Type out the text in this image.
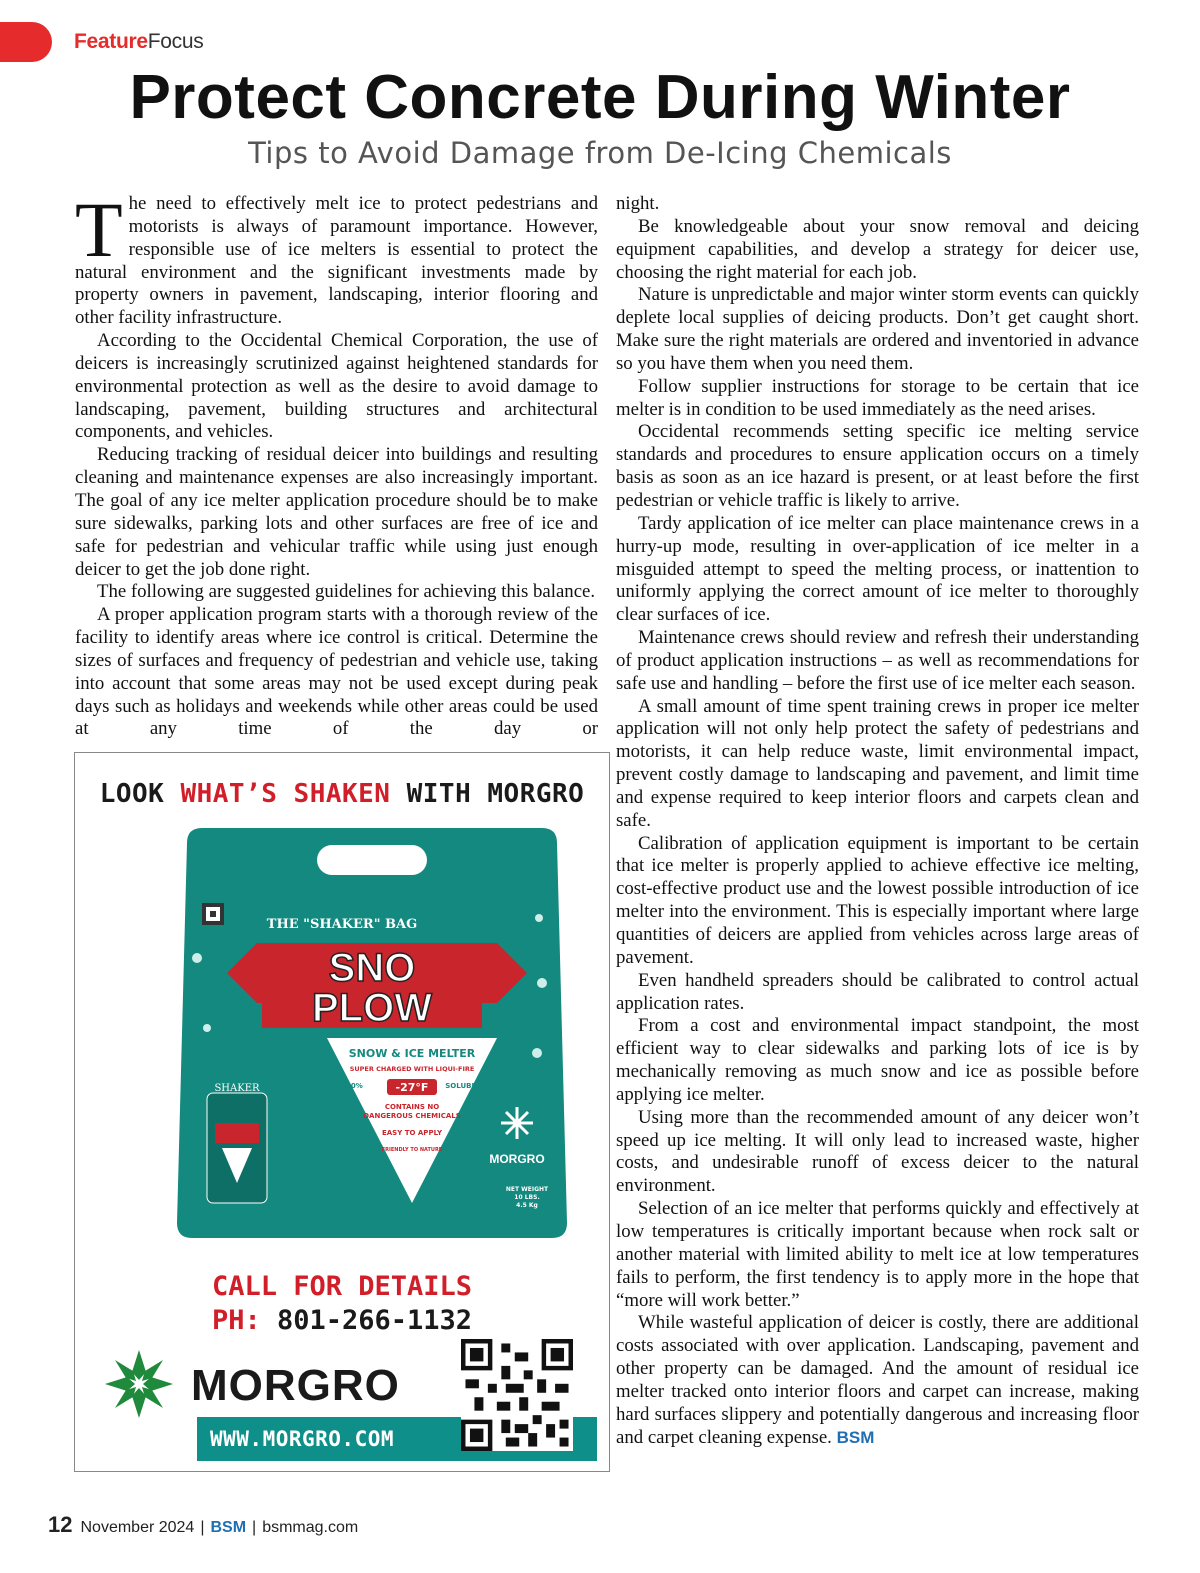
FeatureFocus
Protect Concrete During Winter
Tips to Avoid Damage from De-Icing Chemicals

The need to effectively melt ice to protect pedestrians and motorists is always of paramount importance. However, responsible use of ice melters is essential to protect the natural environment and the significant investments made by property owners in pavement, landscaping, interior flooring and other facility infrastructure.

According to the Occidental Chemical Corporation, the use of deicers is increasingly scrutinized against heightened standards for environmental protection as well as the desire to avoid damage to landscaping, pavement, building structures and architectural components, and vehicles.

Reducing tracking of residual deicer into buildings and resulting cleaning and maintenance expenses are also increasingly important. The goal of any ice melter application procedure should be to make sure sidewalks, parking lots and other surfaces are free of ice and safe for pedestrian and vehicular traffic while using just enough deicer to get the job done right.

The following are suggested guidelines for achieving this balance.

A proper application program starts with a thorough review of the facility to identify areas where ice control is critical. Determine the sizes of surfaces and frequency of pedestrian and vehicle use, taking into account that some areas may not be used except during peak days such as holidays and weekends while other areas could be used at any time of the day or

night.

Be knowledgeable about your snow removal and deicing equipment capabilities, and develop a strategy for deicer use, choosing the right material for each job.

Nature is unpredictable and major winter storm events can quickly deplete local supplies of deicing products. Don’t get caught short. Make sure the right materials are ordered and inventoried in advance so you have them when you need them.

Follow supplier instructions for storage to be certain that ice melter is in condition to be used immediately as the need arises.

Occidental recommends setting specific ice melting service standards and procedures to ensure application occurs on a timely basis as soon as an ice hazard is present, or at least before the first pedestrian or vehicle traffic is likely to arrive.

Tardy application of ice melter can place maintenance crews in a hurry-up mode, resulting in over-application of ice melter in a misguided attempt to speed the melting process, or inattention to uniformly applying the correct amount of ice melter to thoroughly clear surfaces of ice.

Maintenance crews should review and refresh their understanding of product application instructions – as well as recommendations for safe use and handling – before the first use of ice melter each season.

A small amount of time spent training crews in proper ice melter application will not only help protect the safety of pedestrians and motorists, it can help reduce waste, limit environmental impact, prevent costly damage to landscaping and pavement, and limit time and expense required to keep interior floors and carpets clean and safe.

Calibration of application equipment is important to be certain that ice melter is properly applied to achieve effective ice melting, cost-effective product use and the lowest possible introduction of ice melter into the environment. This is especially important where large quantities of deicers are applied from vehicles across large areas of pavement.

Even handheld spreaders should be calibrated to control actual application rates.

From a cost and environmental impact standpoint, the most efficient way to clear sidewalks and parking lots of ice is by mechanically removing as much snow and ice as possible before applying ice melter.

Using more than the recommended amount of any deicer won’t speed up ice melting. It will only lead to increased waste, higher costs, and undesirable runoff of excess deicer to the natural environment.

Selection of an ice melter that performs quickly and effectively at low temperatures is critically important because when rock salt or another material with limited ability to melt ice at low temperatures fails to perform, the first tendency is to apply more in the hope that “more will work better.”

While wasteful application of deicer is costly, there are additional costs associated with over application. Landscaping, pavement and other property can be damaged. And the amount of residual ice melter tracked onto interior floors and carpet can increase, making hard surfaces slippery and potentially dangerous and increasing floor and carpet cleaning expense. BSM

LOOK WHAT’S SHAKEN WITH MORGRO
THE "SHAKER" BAG
SNO
PLOW
SNOW & ICE MELTER
SUPER CHARGED WITH LIQUI-FIRE
100%	-27°F SOLUBLE
CONTAINS NO
DANGEROUS CHEMICALS
EASY TO APPLY
FRIENDLY TO NATURE
SHAKER
MORGRO
NET WEIGHT
10 LBS.
4.5 Kg
CALL FOR DETAILS
PH: 801-266-1132
MORGRO
WWW.MORGRO.COM
12 November 2024 | BSM | bsmmag.com
